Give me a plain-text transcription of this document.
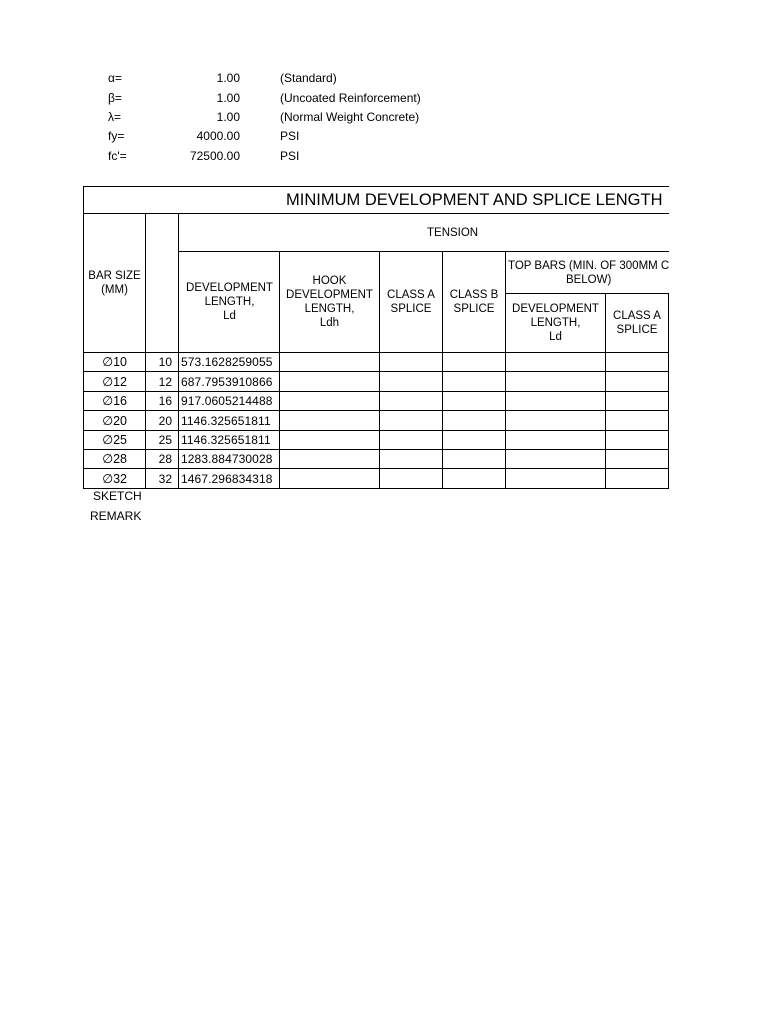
α=	1.00	(Standard)
β=	1.00	(Uncoated Reinforcement)
λ=	1.00	(Normal Weight Concrete)
fy=	4000.00	PSI
fc'=	72500.00	PSI
MINIMUM DEVELOPMENT AND SPLICE LENGTH
BAR SIZE
(MM)
TENSION
DEVELOPMENT
LENGTH,
Ld
HOOK
DEVELOPMENT
LENGTH,
Ldh
CLASS A
SPLICE
CLASS B
SPLICE
TOP BARS (MIN. OF 300MM C
BELOW)
DEVELOPMENT
LENGTH,
Ld
CLASS A
SPLICE
∅10	10 573.1628259055
∅12	12 687.7953910866
∅16	16 917.0605214488
∅20	20 1146.325651811
∅25	25 1146.325651811
∅28	28 1283.884730028
∅32	32 1467.296834318
SKETCH
REMARK
